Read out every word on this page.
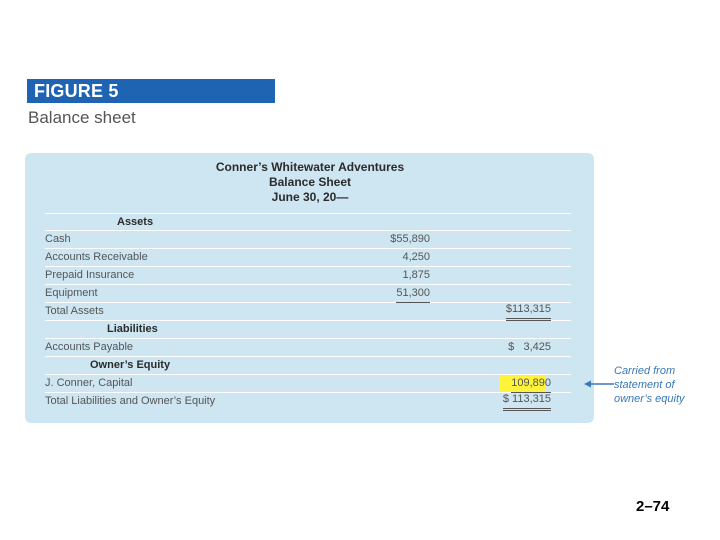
FIGURE 5
Balance sheet
Conner’s Whitewater Adventures
Balance Sheet
June 30, 20—
Assets
Cash	$55,890
Accounts Receivable	4,250
Prepaid Insurance	1,875
Equipment	51,300
Total Assets	$113,315
Liabilities
Accounts Payable	$   3,425
Owner’s Equity
J. Conner, Capital	109,890
Total Liabilities and Owner’s Equity	$ 113,315
Carried from
statement of
owner’s equity
2–74
